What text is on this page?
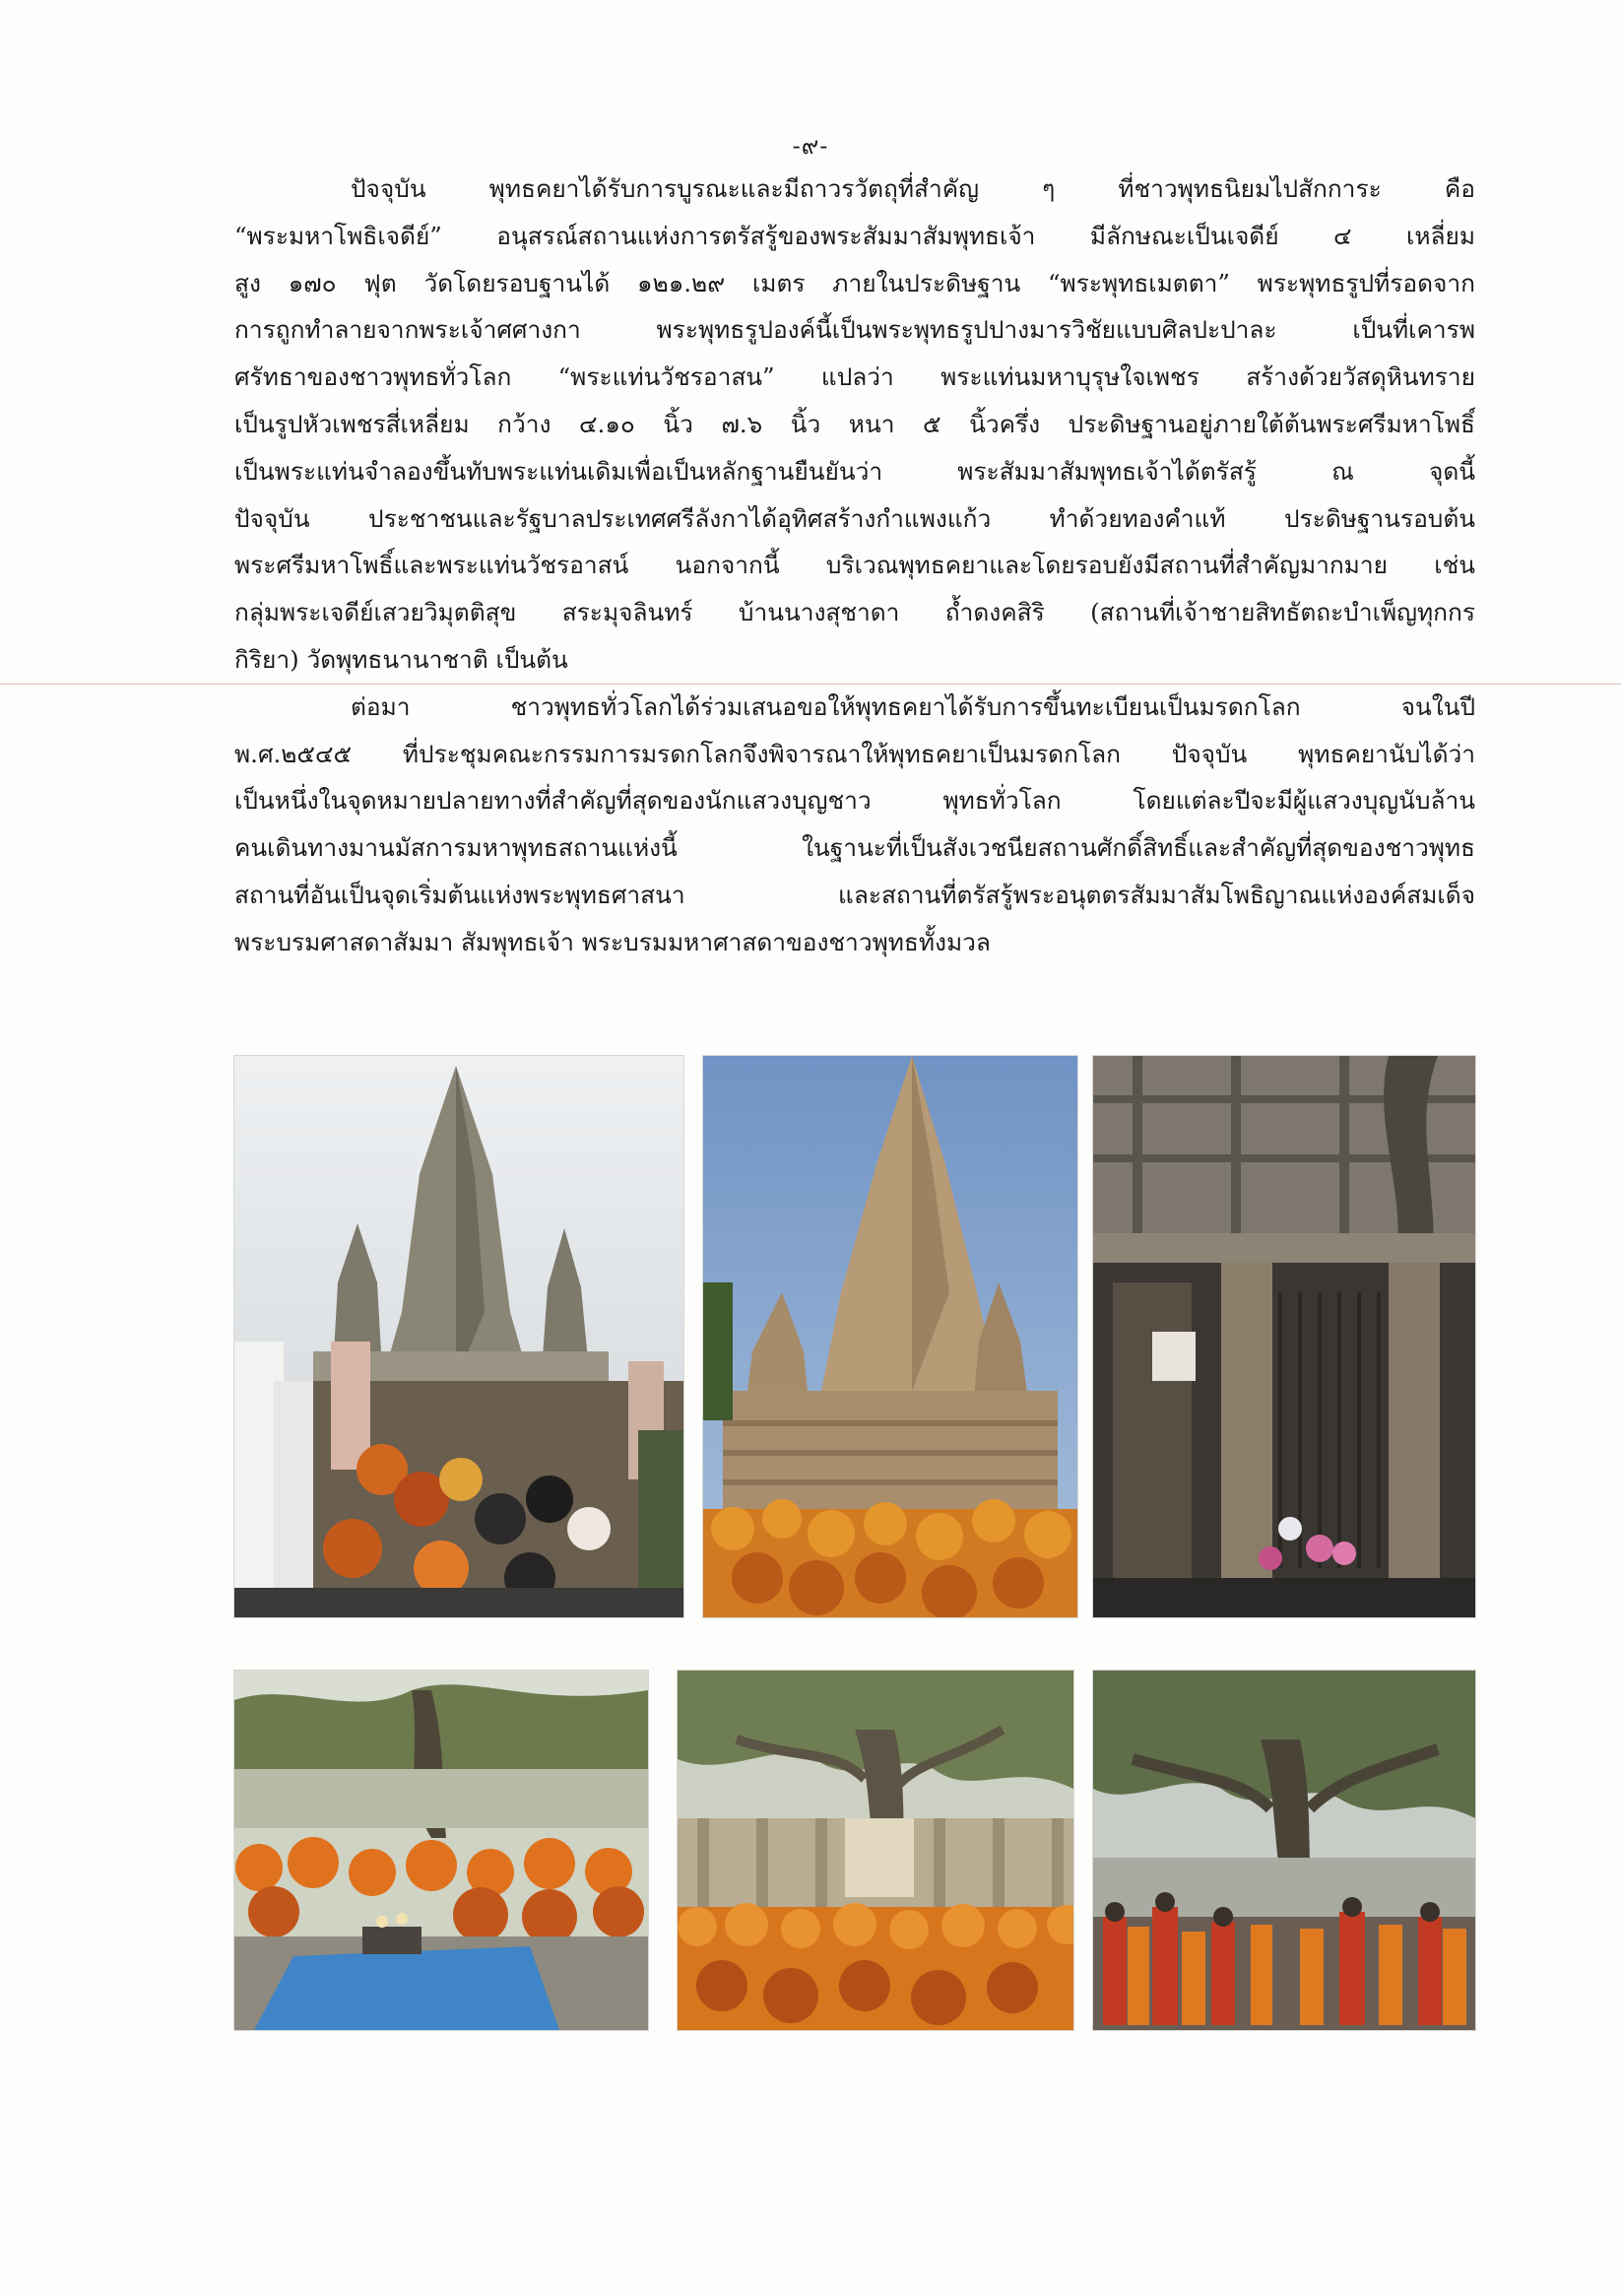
-๙-

ปัจจุบัน พุทธคยาได้รับการบูรณะและมีถาวรวัตถุที่สำคัญ ๆ ที่ชาวพุทธนิยมไปสักการะ คือ
“พระมหาโพธิเจดีย์” อนุสรณ์สถานแห่งการตรัสรู้ของพระสัมมาสัมพุทธเจ้า มีลักษณะเป็นเจดีย์ ๔ เหลี่ยม
สูง ๑๗๐ ฟุต วัดโดยรอบฐานได้ ๑๒๑.๒๙ เมตร ภายในประดิษฐาน “พระพุทธเมตตา” พระพุทธรูปที่รอดจาก
การถูกทำลายจากพระเจ้าศศางกา พระพุทธรูปองค์นี้เป็นพระพุทธรูปปางมารวิชัยแบบศิลปะปาละ เป็นที่เคารพ
ศรัทธาของชาวพุทธทั่วโลก “พระแท่นวัชรอาสน” แปลว่า พระแท่นมหาบุรุษใจเพชร สร้างด้วยวัสดุหินทราย
เป็นรูปหัวเพชรสี่เหลี่ยม กว้าง ๔.๑๐ นิ้ว ๗.๖ นิ้ว หนา ๕ นิ้วครึ่ง ประดิษฐานอยู่ภายใต้ต้นพระศรีมหาโพธิ์
เป็นพระแท่นจำลองขึ้นทับพระแท่นเดิมเพื่อเป็นหลักฐานยืนยันว่า พระสัมมาสัมพุทธเจ้าได้ตรัสรู้ ณ จุดนี้
ปัจจุบัน ประชาชนและรัฐบาลประเทศศรีลังกาได้อุทิศสร้างกำแพงแก้ว ทำด้วยทองคำแท้ ประดิษฐานรอบต้น
พระศรีมหาโพธิ์และพระแท่นวัชรอาสน์ นอกจากนี้ บริเวณพุทธคยาและโดยรอบยังมีสถานที่สำคัญมากมาย เช่น
กลุ่มพระเจดีย์เสวยวิมุตติสุข สระมุจลินทร์ บ้านนางสุชาดา ถ้ำดงคสิริ (สถานที่เจ้าชายสิทธัตถะบำเพ็ญทุกกร
กิริยา) วัดพุทธนานาชาติ เป็นต้น

ต่อมา ชาวพุทธทั่วโลกได้ร่วมเสนอขอให้พุทธคยาได้รับการขึ้นทะเบียนเป็นมรดกโลก จนในปี
พ.ศ.๒๕๔๕ ที่ประชุมคณะกรรมการมรดกโลกจึงพิจารณาให้พุทธคยาเป็นมรดกโลก ปัจจุบัน พุทธคยานับได้ว่า
เป็นหนึ่งในจุดหมายปลายทางที่สำคัญที่สุดของนักแสวงบุญชาว พุทธทั่วโลก โดยแต่ละปีจะมีผู้แสวงบุญนับล้าน
คนเดินทางมานมัสการมหาพุทธสถานแห่งนี้ ในฐานะที่เป็นสังเวชนียสถานศักดิ์สิทธิ์และสำคัญที่สุดของชาวพุทธ
สถานที่อันเป็นจุดเริ่มต้นแห่งพระพุทธศาสนา และสถานที่ตรัสรู้พระอนุตตรสัมมาสัมโพธิญาณแห่งองค์สมเด็จ
พระบรมศาสดาสัมมา สัมพุทธเจ้า พระบรมมหาศาสดาของชาวพุทธทั้งมวล
